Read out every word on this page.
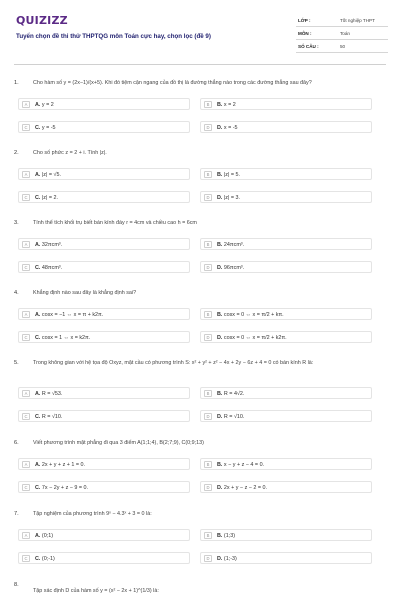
QUIZIZZ
Tuyển chọn đề thi thử THPTQG môn Toán cực hay, chọn lọc (đề 9)
LỚP :	Tốt nghiệp THPT
MÔN :	Toán
SỐ CÂU :	50
1.	Cho hàm số y = (2x−1)/(x+5). Khi đó tiệm cận ngang của đồ thị là đường thẳng nào trong các đường thẳng sau đây?
A	A. y = 2	B	B. x = 2
C	C. y = -5	D	D. x = -5
2.	Cho số phức z = 2 + i. Tính |z|.
A	A. |z| = √5.	B	B. |z| = 5.
C	C. |z| = 2.	D	D. |z| = 3.
3.	Tính thể tích khối trụ biết bán kính đáy r = 4cm và chiều cao h = 6cm
A	A. 32πcm³.	B	B. 24πcm³.
C	C. 48πcm³.	D	D. 96πcm³.
4.	Khẳng định nào sau đây là khẳng định sai?
A	A. cosx = −1 ⇔ x = π + k2π.	B	B. cosx = 0 ⇔ x = π/2 + kπ.
C	C. cosx = 1 ⇔ x = k2π.	D	D. cosx = 0 ⇔ x = π/2 + k2π.
5.	Trong không gian với hệ tọa độ Oxyz, mặt cầu có phương trình S: x² + y² + z² − 4x + 2y − 6z + 4 = 0 có bán kính R là:
A	A. R = √53.	B	B. R = 4√2.
C	C. R = √10.	D	D. R = √10.
6.	Viết phương trình mặt phẳng đi qua 3 điểm A(1;1;4), B(2;7;9), C(0;9;13)
A	A. 2x + y + z + 1 = 0.	B	B. x − y + z − 4 = 0.
C	C. 7x − 2y + z − 9 = 0.	D	D. 2x + y − z − 2 = 0.
7.	Tập nghiệm của phương trình 9ˣ − 4.3ˣ + 3 = 0 là:
A	A. (0;1)	B	B. (1;3)
C	C. (0;-1)	D	D. (1;-3)
8.
Tập xác định D của hàm số y = (x² − 2x + 1)^(1/3) là:
